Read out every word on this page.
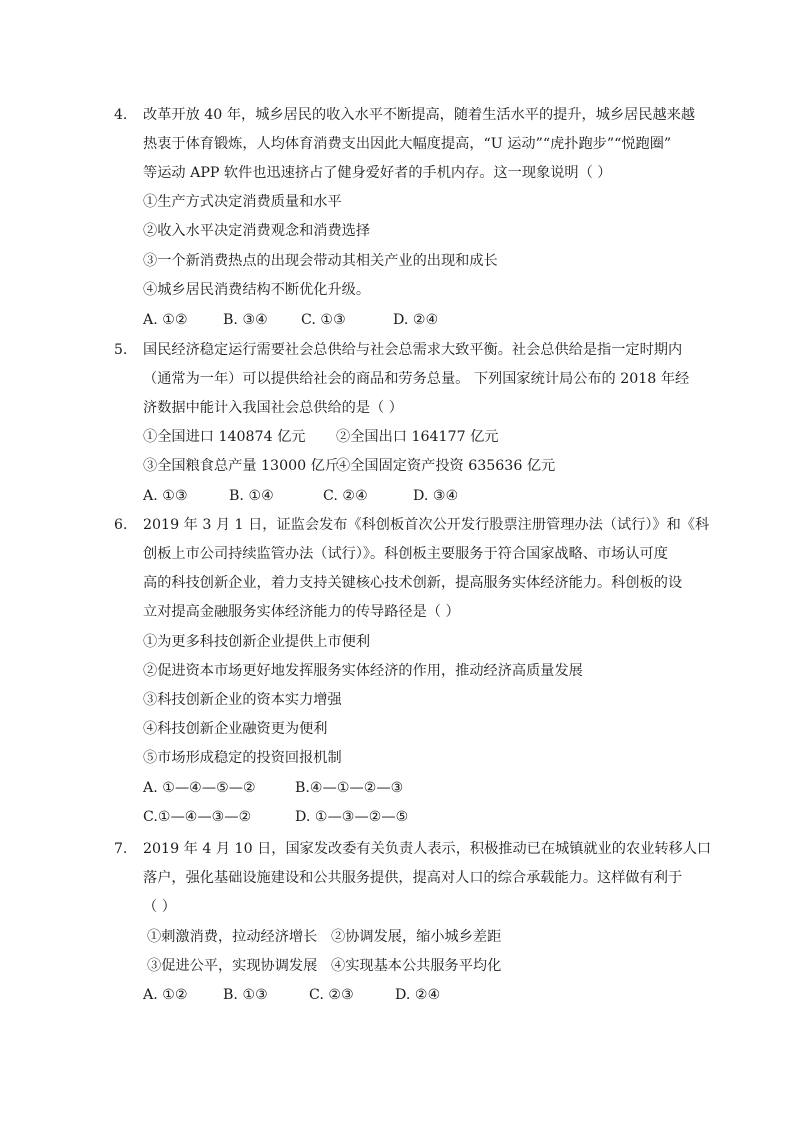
4. 改革开放 40 年，城乡居民的收入水平不断提高，随着生活水平的提升，城乡居民越来越
热衷于体育锻炼，人均体育消费支出因此大幅度提高，“U 运动”“虎扑跑步”“悦跑圈”
等运动 APP 软件也迅速挤占了健身爱好者的手机内存。这一现象说明（ ）
①生产方式决定消费质量和水平
②收入水平决定消费观念和消费选择
③一个新消费热点的出现会带动其相关产业的出现和成长
④城乡居民消费结构不断优化升级。
A. ①② B. ③④ C. ①③	D. ②④
5. 国民经济稳定运行需要社会总供给与社会总需求大致平衡。社会总供给是指一定时期内
（通常为一年）可以提供给社会的商品和劳务总量。 下列国家统计局公布的 2018 年经
济数据中能计入我国社会总供给的是（ ）
①全国进口 140874 亿元 ②全国出口 164177 亿元
③全国粮食总产量 13000 亿斤
④全国固定资产投资 635636 亿元
A. ①③	B. ①④	C. ②④	D. ③④
6. 2019 年 3 月 1 日，证监会发布《科创板首次公开发行股票注册管理办法（试行）》和《科
创板上市公司持续监管办法（试行）》。科创板主要服务于符合国家战略、市场认可度
高的科技创新企业，着力支持关键核心技术创新，提高服务实体经济能力。科创板的设
立对提高金融服务实体经济能力的传导路径是（ ）
①为更多科技创新企业提供上市便利
②促进资本市场更好地发挥服务实体经济的作用，推动经济高质量发展
③科技创新企业的资本实力增强
④科技创新企业融资更为便利
⑤市场形成稳定的投资回报机制
A. ①—④—⑤—②	B.④—①—②—③
C.①—④—③—②	D. ①—③—②—⑤
7. 2019 年 4 月 10 日，国家发改委有关负责人表示，积极推动已在城镇就业的农业转移人口
落户，强化基础设施建设和公共服务提供，提高对人口的综合承载能力。这样做有利于
（ ）
①刺激消费，拉动经济增长 ②协调发展，缩小城乡差距
③促进公平，实现协调发展 ④实现基本公共服务平均化
A. ①② B. ①③	C. ②③	D. ②④
